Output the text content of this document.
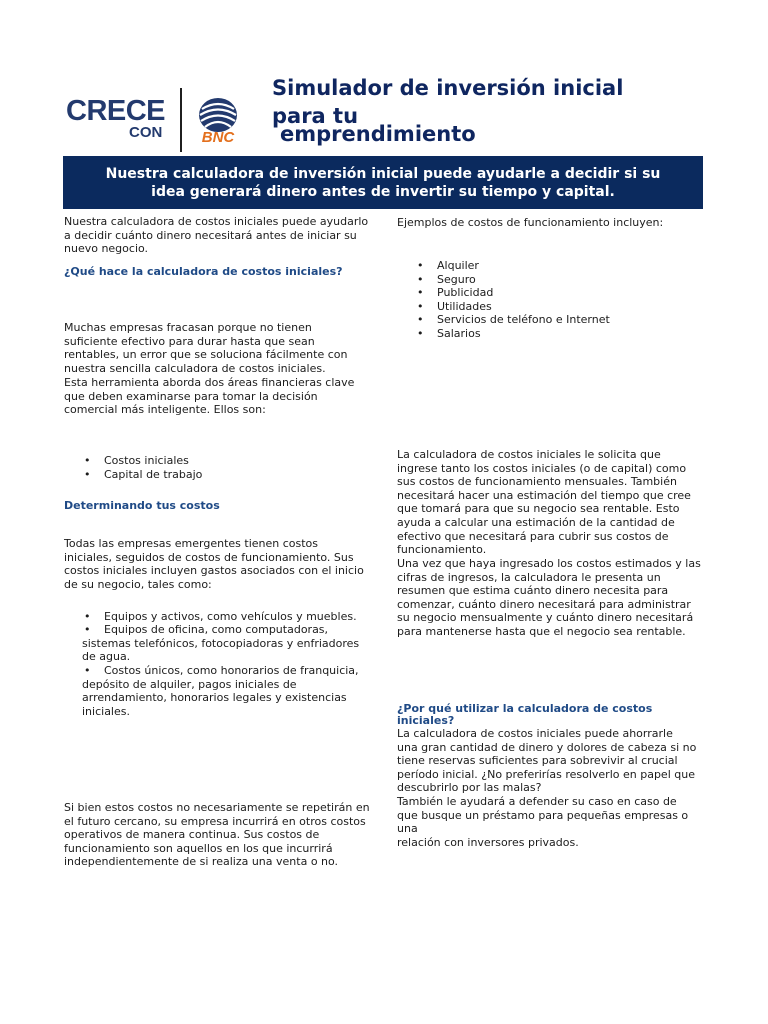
CRECE
CON	BNC
Simulador de inversión inicial
para tu
emprendimiento
Nuestra calculadora de inversión inicial puede ayudarle a decidir si su
idea generará dinero antes de invertir su tiempo y capital.
Nuestra calculadora de costos iniciales puede ayudarlo a decidir cuánto dinero necesitará antes de iniciar su nuevo negocio.
¿Qué hace la calculadora de costos iniciales?
Muchas empresas fracasan porque no tienen suficiente efectivo para durar hasta que sean rentables, un error que se soluciona fácilmente con nuestra sencilla calculadora de costos iniciales.
Esta herramienta aborda dos áreas financieras clave que deben examinarse para tomar la decisión comercial más inteligente. Ellos son:
• Costos iniciales
• Capital de trabajo
Determinando tus costos
Todas las empresas emergentes tienen costos iniciales, seguidos de costos de funcionamiento. Sus costos iniciales incluyen gastos asociados con el inicio de su negocio, tales como:
• Equipos y activos, como vehículos y muebles.
• Equipos de oficina, como computadoras, sistemas telefónicos, fotocopiadoras y enfriadores de agua.
• Costos únicos, como honorarios de franquicia, depósito de alquiler, pagos iniciales de arrendamiento, honorarios legales y existencias iniciales.
Si bien estos costos no necesariamente se repetirán en el futuro cercano, su empresa incurrirá en otros costos operativos de manera continua. Sus costos de funcionamiento son aquellos en los que incurrirá independientemente de si realiza una venta o no.
Ejemplos de costos de funcionamiento incluyen:
• Alquiler
• Seguro
• Publicidad
• Utilidades
• Servicios de teléfono e Internet
• Salarios
La calculadora de costos iniciales le solicita que ingrese tanto los costos iniciales (o de capital) como sus costos de funcionamiento mensuales. También necesitará hacer una estimación del tiempo que cree que tomará para que su negocio sea rentable. Esto ayuda a calcular una estimación de la cantidad de efectivo que necesitará para cubrir sus costos de funcionamiento.
Una vez que haya ingresado los costos estimados y las cifras de ingresos, la calculadora le presenta un resumen que estima cuánto dinero necesita para comenzar, cuánto dinero necesitará para administrar su negocio mensualmente y cuánto dinero necesitará para mantenerse hasta que el negocio sea rentable.
¿Por qué utilizar la calculadora de costos iniciales?
La calculadora de costos iniciales puede ahorrarle una gran cantidad de dinero y dolores de cabeza si no tiene reservas suficientes para sobrevivir al crucial período inicial. ¿No preferirías resolverlo en papel que descubrirlo por las malas?
También le ayudará a defender su caso en caso de
que busque un préstamo para pequeñas empresas o
una
relación con inversores privados.
